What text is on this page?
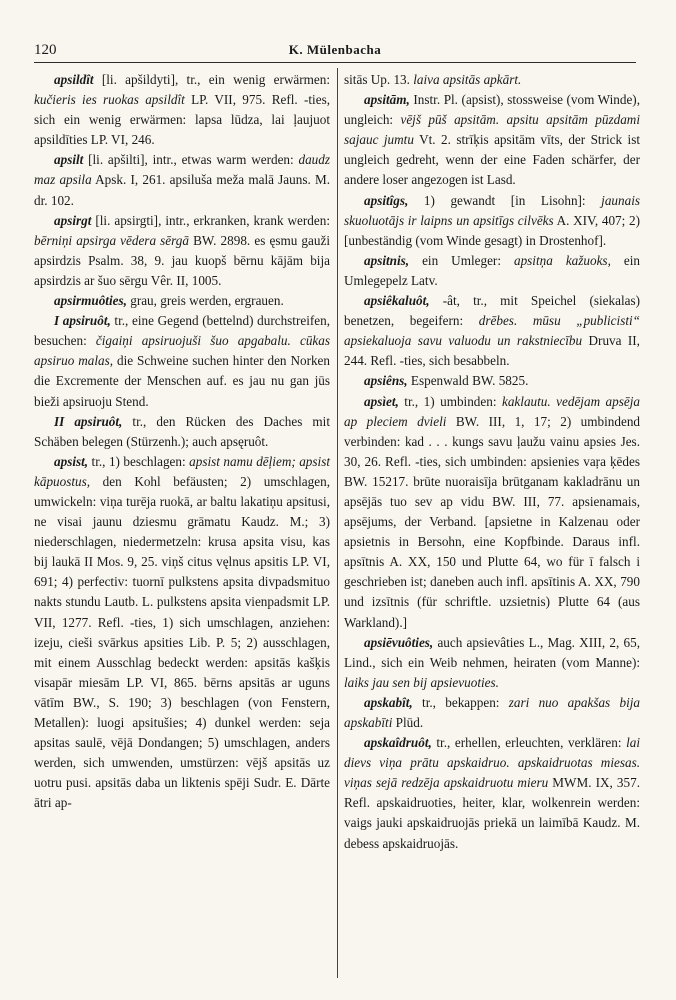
120	K. Mülenbacha

apsildît [li. apšildyti], tr., ein wenig erwärmen: kučieris ies ruokas apsildît LP. VII, 975. Refl. -ties, sich ein wenig erwärmen: lapsa lūdza, lai ļaujuot apsildīties LP. VI, 246.

apsilt [li. apšilti], intr., etwas warm werden: daudz maz apsila Apsk. I, 261. apsiluša meža malā Jauns. M. dr. 102.

apsirgt [li. apsirgti], intr., erkranken, krank werden: bērniņi apsirga vēdera sērgā BW. 2898. es ęsmu gauži apsirdzis Psalm. 38, 9. jau kuopš bērnu kājām bija apsirdzis ar šuo sērgu Vêr. II, 1005.

apsirmuôties, grau, greis werden, ergrauen.

I apsiruôt, tr., eine Gegend (bettelnd) durchstreifen, besuchen: čigaiņi apsiruojuši šuo apgabalu. cūkas apsiruo malas, die Schweine suchen hinter den Norken die Excremente der Menschen auf. es jau nu gan jūs bieži apsiruoju Stend.

II apsiruôt, tr., den Rücken des Daches mit Schäben belegen (Stürzenh.); auch apsęruôt.

apsist, tr., 1) beschlagen: apsist namu dēļiem; apsist kāpuostus, den Kohl befäusten; 2) umschlagen, umwickeln: viņa turēja ruokā, ar baltu lakatiņu apsitusi, ne visai jaunu dziesmu grāmatu Kaudz. M.; 3) niederschlagen, niedermetzeln: krusa apsita visu, kas bij laukā II Mos. 9, 25. viņš citus vęlnus apsitis LP. VI, 691; 4) perfectiv: tuornī pulkstens apsita divpadsmituo nakts stundu Lautb. L. pulkstens apsita vienpadsmit LP. VII, 1277. Refl. -ties, 1) sich umschlagen, anziehen: izeju, cieši svārkus apsities Lib. P. 5; 2) ausschlagen, mit einem Ausschlag bedeckt werden: apsitās kašķis visapār miesām LP. VI, 865. bērns apsitās ar uguns vātīm BW., S. 190; 3) beschlagen (von Fenstern, Metallen): luogi apsitušies; 4) dunkel werden: seja apsitas saulē, vējā Dondangen; 5) umschlagen, anders werden, sich umwenden, umstürzen: vējš apsitās uz uotru pusi. apsitās daba un liktenis spēji Sudr. E. Dārte ātri ap-

sitās Up. 13. laiva apsitās apkārt.

apsitām, Instr. Pl. (apsist), stossweise (vom Winde), ungleich: vējš pūš apsitām. apsitu apsitām pūzdami sajauc jumtu Vt. 2. strīķis apsitām vīts, der Strick ist ungleich gedreht, wenn der eine Faden schärfer, der andere loser angezogen ist Lasd.

apsitîgs, 1) gewandt [in Lisohn]: jaunais skuoluotājs ir laipns un apsitīgs cilvēks A. XIV, 407; 2) [unbeständig (vom Winde gesagt) in Drostenhof].

apsitnis, ein Umleger: apsitņa kažuoks, ein Umlegepelz Latv.

apsiêkaluôt, -ât, tr., mit Speichel (siekalas) benetzen, begeifern: drēbes. mūsu „publicisti“ apsiekaluoja savu valuodu un rakstniecību Druva II, 244. Refl. -ties, sich besabbeln.

apsiêns, Espenwald BW. 5825.

apsìet, tr., 1) umbinden: kaklautu. vedējam apsēja ap pleciem dvieli BW. III, 1, 17; 2) umbindend verbinden: kad . . . kungs savu ļaužu vainu apsies Jes. 30, 26. Refl. -ties, sich umbinden: apsienies vaŗa ķēdes BW. 15217. brūte nuoraisīja brūtganam kakladrānu un apsējās tuo sev ap vidu BW. III, 77. apsienamais, apsējums, der Verband. [apsietne in Kalzenau oder apsietnis in Bersohn, eine Kopfbinde. Daraus infl. apsītnis A. XX, 150 und Plutte 64, wo für ī falsch i geschrieben ist; daneben auch infl. apsītinis A. XX, 790 und izsītnis (für schriftle. uzsietnis) Plutte 64 (aus Warkland).]

apsiēvuôties, auch apsievâties L., Mag. XIII, 2, 65, Lind., sich ein Weib nehmen, heiraten (vom Manne): laiks jau sen bij apsievuoties.

apskabît, tr., bekappen: zari nuo apakšas bija apskabīti Plūd.

apskaîdruôt, tr., erhellen, erleuchten, verklären: lai dievs viņa prātu apskaidruo. apskaidruotas miesas. viņas sejā redzēja apskaidruotu mieru MWM. IX, 357. Refl. apskaidruoties, heiter, klar, wolkenrein werden: vaigs jauki apskaidruojās priekā un laimībā Kaudz. M. debess apskaidruojās.
